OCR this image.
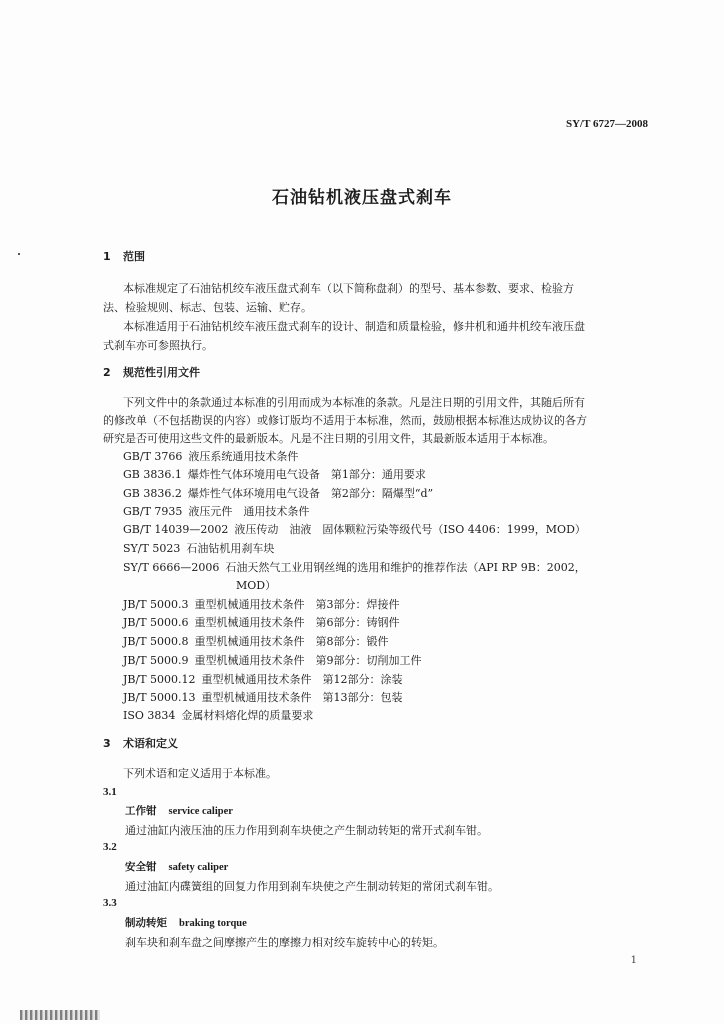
SY/T 6727—2008
石油钻机液压盘式刹车
1 范围
本标准规定了石油钻机绞车液压盘式刹车（以下简称盘刹）的型号、基本参数、要求、检验方
法、检验规则、标志、包装、运输、贮存。
本标准适用于石油钻机绞车液压盘式刹车的设计、制造和质量检验，修井机和通井机绞车液压盘
式刹车亦可参照执行。
2 规范性引用文件
下列文件中的条款通过本标准的引用而成为本标准的条款。凡是注日期的引用文件，其随后所有
的修改单（不包括勘误的内容）或修订版均不适用于本标准，然而，鼓励根据本标准达成协议的各方
研究是否可使用这些文件的最新版本。凡是不注日期的引用文件，其最新版本适用于本标准。
GB/T 3766 液压系统通用技术条件
GB 3836.1 爆炸性气体环境用电气设备　第1部分：通用要求
GB 3836.2 爆炸性气体环境用电气设备　第2部分：隔爆型“d”
GB/T 7935 液压元件　通用技术条件
GB/T 14039—2002 液压传动　油液　固体颗粒污染等级代号（ISO 4406：1999，MOD）
SY/T 5023 石油钻机用刹车块
SY/T 6666—2006 石油天然气工业用钢丝绳的选用和维护的推荐作法（API RP 9B：2002，
MOD）
JB/T 5000.3 重型机械通用技术条件　第3部分：焊接件
JB/T 5000.6 重型机械通用技术条件　第6部分：铸钢件
JB/T 5000.8 重型机械通用技术条件　第8部分：锻件
JB/T 5000.9 重型机械通用技术条件　第9部分：切削加工件
JB/T 5000.12 重型机械通用技术条件　第12部分：涂装
JB/T 5000.13 重型机械通用技术条件　第13部分：包装
ISO 3834 金属材料熔化焊的质量要求
3 术语和定义
下列术语和定义适用于本标准。
3.1
工作钳 service caliper
通过油缸内液压油的压力作用到刹车块使之产生制动转矩的常开式刹车钳。
3.2
安全钳 safety caliper
通过油缸内碟簧组的回复力作用到刹车块使之产生制动转矩的常闭式刹车钳。
3.3
制动转矩 braking torque
刹车块和刹车盘之间摩擦产生的摩擦力相对绞车旋转中心的转矩。
1
